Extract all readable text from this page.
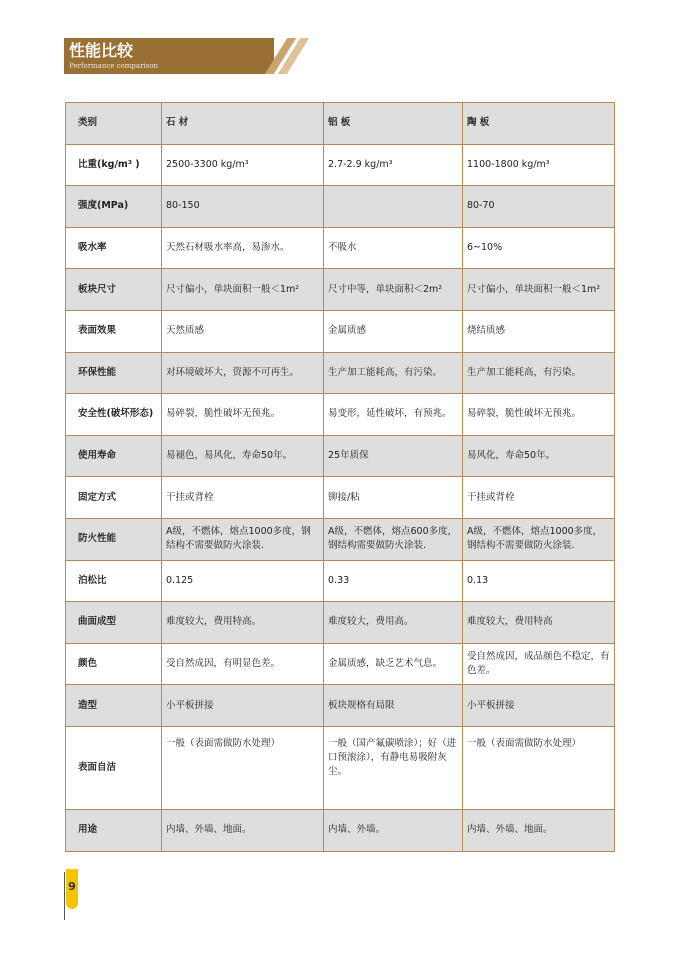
性能比较
Performance comparison
类别	石 材	铝 板	陶 板
比重(kg/m³ )	2500-3300 kg/m³	2.7-2.9 kg/m³	1100-1800 kg/m³
强度(MPa)	80-150		80-70
吸水率	天然石材吸水率高，易渗水。	不吸水	6~10%
板块尺寸	尺寸偏小，单块面积一般＜1m²	尺寸中等，单块面积＜2m²	尺寸偏小，单块面积一般＜1m²
表面效果	天然质感	金属质感	烧结质感
环保性能	对环境破坏大，资源不可再生。	生产加工能耗高，有污染。	生产加工能耗高，有污染。
安全性(破坏形态)	易碎裂，脆性破坏无预兆。	易变形，延性破坏，有预兆。	易碎裂，脆性破坏无预兆。
使用寿命	易褪色，易风化，寿命50年。	25年质保	易风化，寿命50年。
固定方式	干挂或背栓	铆接/粘	干挂或背栓
防火性能	A级，不燃体，熔点1000多度，钢结构不需要做防火涂装.	A级，不燃体，熔点600多度，钢结构需要做防火涂装.	A级，不燃体，熔点1000多度，钢结构不需要做防火涂装.
泊松比	0.125	0.33	0.13
曲面成型	难度较大，费用特高。	难度较大，费用高。	难度较大，费用特高
颜色	受自然成因，有明显色差。	金属质感，缺乏艺术气息。	受自然成因，成品颜色不稳定，有色差。
造型	小平板拼接	板块规格有局限	小平板拼接
表面自洁	一般（表面需做防水处理）	一般（国产氟碳喷涂）；好（进口预滚涂），有静电易吸附灰尘。	一般（表面需做防水处理）
用途	内墙、外墙、地面。	内墙、外墙。	内墙、外墙、地面。
9
